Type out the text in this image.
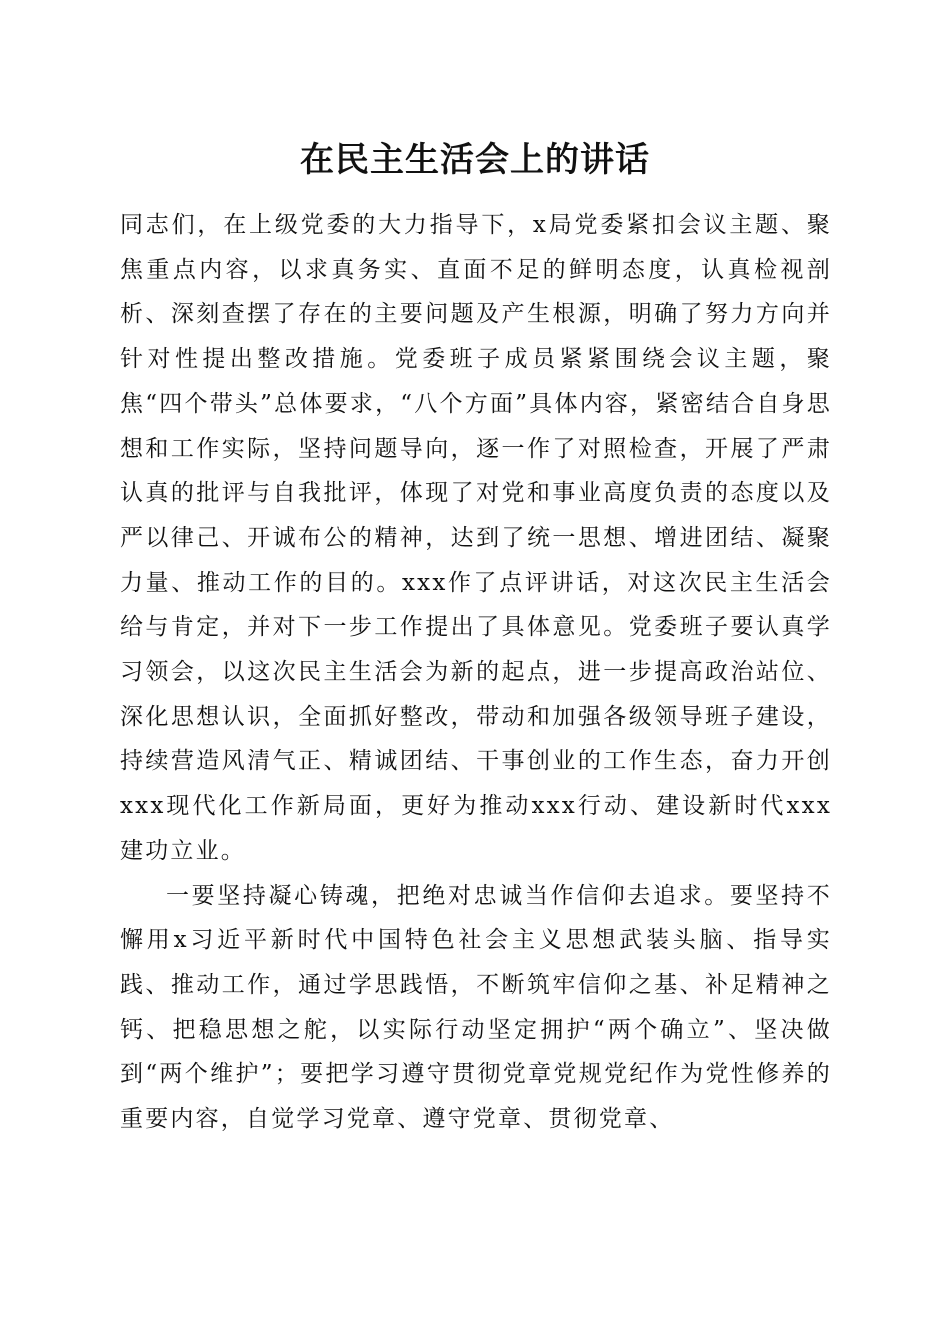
在民主生活会上的讲话

同志们，在上级党委的大力指导下，x局党委紧扣会议主题、聚焦重点内容，以求真务实、直面不足的鲜明态度，认真检视剖析、深刻查摆了存在的主要问题及产生根源，明确了努力方向并针对性提出整改措施。党委班子成员紧紧围绕会议主题，聚焦“四个带头”总体要求，“八个方面”具体内容，紧密结合自身思想和工作实际，坚持问题导向，逐一作了对照检查，开展了严肃认真的批评与自我批评，体现了对党和事业高度负责的态度以及严以律己、开诚布公的精神，达到了统一思想、增进团结、凝聚力量、推动工作的目的。xxx作了点评讲话，对这次民主生活会给与肯定，并对下一步工作提出了具体意见。党委班子要认真学习领会，以这次民主生活会为新的起点，进一步提高政治站位、深化思想认识，全面抓好整改，带动和加强各级领导班子建设，持续营造风清气正、精诚团结、干事创业的工作生态，奋力开创xxx现代化工作新局面，更好为推动xxx行动、建设新时代xxx建功立业。

一要坚持凝心铸魂，把绝对忠诚当作信仰去追求。要坚持不懈用x习近平新时代中国特色社会主义思想武装头脑、指导实践、推动工作，通过学思践悟，不断筑牢信仰之基、补足精神之钙、把稳思想之舵，以实际行动坚定拥护“两个确立”、坚决做到“两个维护”；要把学习遵守贯彻党章党规党纪作为党性修养的重要内容，自觉学习党章、遵守党章、贯彻党章、
